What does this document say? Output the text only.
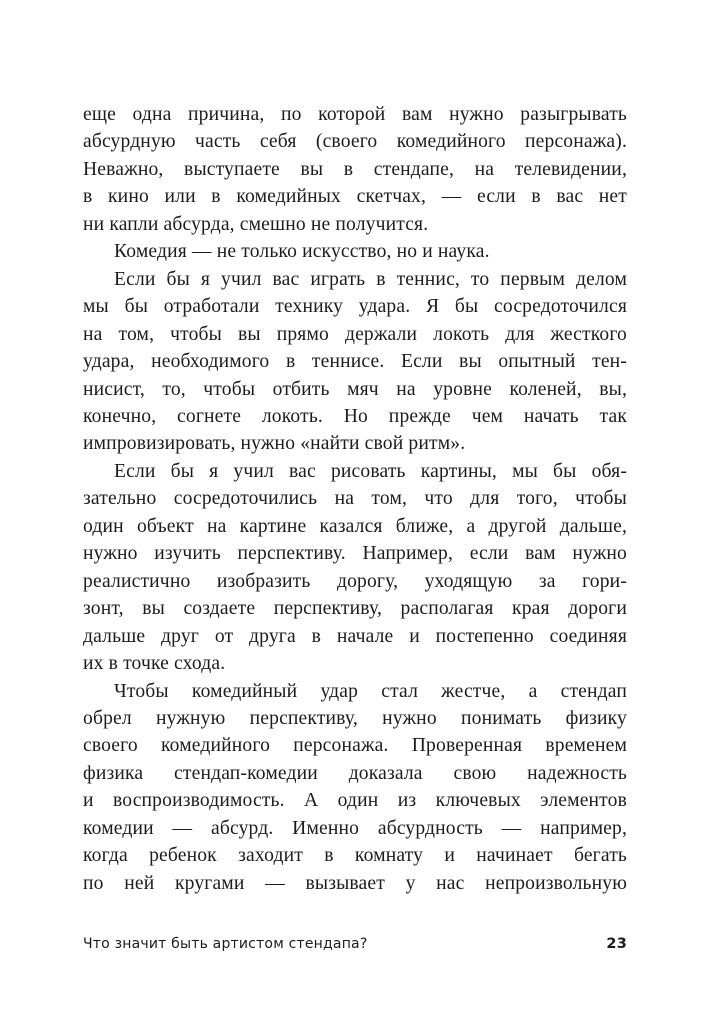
еще одна причина, по которой вам нужно разыгрывать
абсурдную часть себя (своего комедийного персонажа).
Неважно, выступаете вы в стендапе, на телевидении,
в кино или в комедийных скетчах, — если в вас нет
ни капли абсурда, смешно не получится.
Комедия — не только искусство, но и наука.
Если бы я учил вас играть в теннис, то первым делом
мы бы отработали технику удара. Я бы сосредоточился
на том, чтобы вы прямо держали локоть для жесткого
удара, необходимого в теннисе. Если вы опытный тен-
нисист, то, чтобы отбить мяч на уровне коленей, вы,
конечно, согнете локоть. Но прежде чем начать так
импровизировать, нужно «найти свой ритм».
Если бы я учил вас рисовать картины, мы бы обя-
зательно сосредоточились на том, что для того, чтобы
один объект на картине казался ближе, а другой дальше,
нужно изучить перспективу. Например, если вам нужно
реалистично изобразить дорогу, уходящую за гори-
зонт, вы создаете перспективу, располагая края дороги
дальше друг от друга в начале и постепенно соединяя
их в точке схода.
Чтобы комедийный удар стал жестче, а стендап
обрел нужную перспективу, нужно понимать физику
своего комедийного персонажа. Проверенная временем
физика стендап-комедии доказала свою надежность
и воспроизводимость. А один из ключевых элементов
комедии — абсурд. Именно абсурдность — например,
когда ребенок заходит в комнату и начинает бегать
по ней кругами — вызывает у нас непроизвольную
Что значит быть артистом стендапа?	23
